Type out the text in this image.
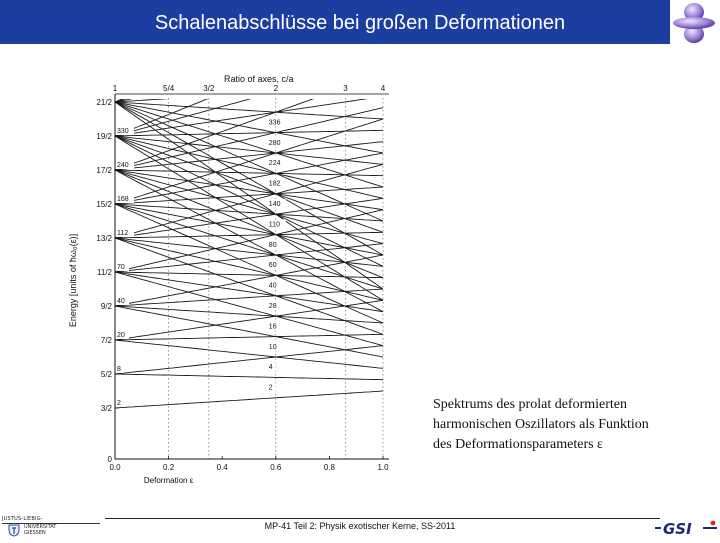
Schalenabschlüsse bei großen Deformationen
Ratio of axes, c/a
1	5/4	3/2	2	3	4
0
3/2
5/2
7/2
9/2
11/2
13/2
15/2
17/2
19/2
21/2
Energy [units of ħω₀(ε)]
0.0	0.2	0.4	0.6	0.8	1.0
Deformation ε
2
8
20
40
70
112
168
240
330
2
4
10
16
28
40
60
80
110
140
182
224
280
336
Spektrums des prolat deformierten
harmonischen Oszillators als Funktion
des Deformationsparameters ε
JUSTUS-LIEBIG-
UNIVERSITÄT
GIESSEN
MP-41 Teil 2: Physik exotischer Kerne, SS-2011	GSI
